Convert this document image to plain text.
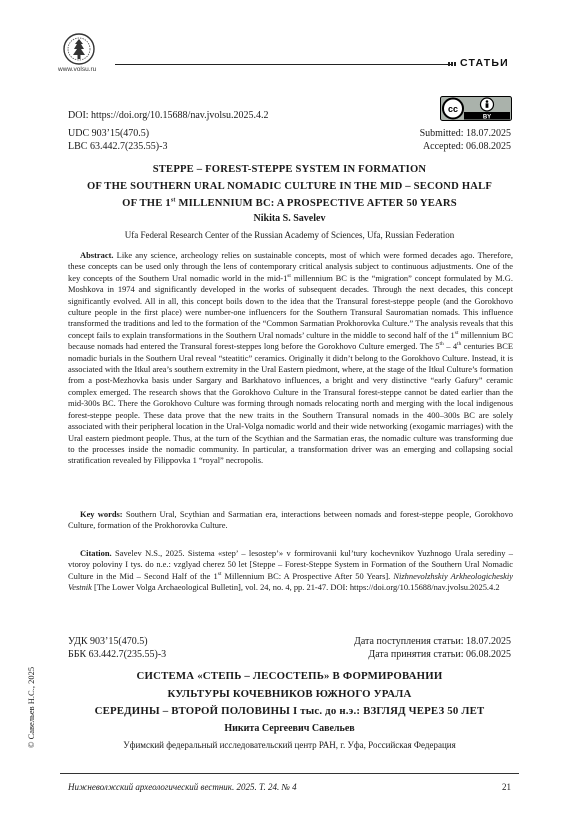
www.volsu.ru
СТАТЬИ
DOI: https://doi.org/10.15688/nav.jvolsu.2025.4.2
cc
BY
UDC 903’15(470.5)
LBC 63.442.7(235.55)-3
Submitted: 18.07.2025
Accepted: 06.08.2025
STEPPE – FOREST-STEPPE SYSTEM IN FORMATION
OF THE SOUTHERN URAL NOMADIC CULTURE IN THE MID – SECOND HALF
OF THE 1st MILLENNIUM BC: A PROSPECTIVE AFTER 50 YEARS
Nikita S. Savelev
Ufa Federal Research Center of the Russian Academy of Sciences, Ufa, Russian Federation

Abstract. Like any science, archeology relies on sustainable concepts, most of which were formed decades ago. Therefore, these concepts can be used only through the lens of contemporary critical analysis subject to continuous adjustments. One of the key concepts of the Southern Ural nomadic world in the mid-1st millennium BC is the “migration” concept formulated by M.G. Moshkova in 1974 and significantly developed in the works of subsequent decades. Through the next decades, this concept significantly evolved. All in all, this concept boils down to the idea that the Transural forest-steppe people (and the Gorokhovo culture people in the first place) were number-one influencers for the Southern Transural Sauromatian nomads. This influence transformed the traditions and led to the formation of the “Common Sarmatian Prokhorovka Culture.” The analysis reveals that this concept fails to explain transformations in the Southern Ural nomads’ culture in the middle to second half of the 1st millennium BC because nomads had entered the Transural forest-steppes long before the Gorokhovo Culture emerged. The 5th – 4th centuries BCE nomadic burials in the Southern Ural reveal “steatitic” ceramics. Originally it didn’t belong to the Gorokhovo Culture. Instead, it is associated with the Itkul area’s southern extremity in the Ural Eastern piedmont, where, at the stage of the Itkul Culture’s formation from a post-Mezhovka basis under Sargary and Barkhatovo influences, a bright and very distinctive “early Gafury” ceramic complex emerged. The research shows that the Gorokhovo Culture in the Transural forest-steppe cannot be dated earlier than the mid-300s BC. There the Gorokhovo Culture was forming through nomads relocating north and merging with the local indigenous forest-steppe people. These data prove that the new traits in the Southern Transural nomads in the 400–300s BC are solely associated with their peripheral location in the Ural-Volga nomadic world and their wide networking (exogamic marriages) with the Ural eastern piedmont people. Thus, at the turn of the Scythian and the Sarmatian eras, the nomadic culture was transforming due to the processes inside the nomadic community. In particular, a transformation driver was an emerging and collapsing social stratification revealed by Filippovka 1 “royal” necropolis.

Key words: Southern Ural, Scythian and Sarmatian era, interactions between nomads and forest-steppe people, Gorokhovo Culture, formation of the Prokhorovka Culture.

Citation. Savelev N.S., 2025. Sistema «step’ – lesostep’» v formirovanii kul’tury kochevnikov Yuzhnogo Urala serediny – vtoroy poloviny I tys. do n.e.: vzglyad cherez 50 let [Steppe – Forest-Steppe System in Formation of the Southern Ural Nomadic Culture in the Mid – Second Half of the 1st Millennium BC: A Prospective After 50 Years]. Nizhnevolzhskiy Arkheologicheskiy Vestnik [The Lower Volga Archaeological Bulletin], vol. 24, no. 4, pp. 21-47. DOI: https://doi.org/10.15688/nav.jvolsu.2025.4.2

УДК 903’15(470.5)
ББК 63.442.7(235.55)-3
Дата поступления статьи: 18.07.2025
Дата принятия статьи: 06.08.2025
© Савельев Н.С., 2025	СИСТЕМА «СТЕПЬ – ЛЕСОСТЕПЬ» В ФОРМИРОВАНИИ
КУЛЬТУРЫ КОЧЕВНИКОВ ЮЖНОГО УРАЛА
СЕРЕДИНЫ – ВТОРОЙ ПОЛОВИНЫ I тыс. до н.э.: ВЗГЛЯД ЧЕРЕЗ 50 ЛЕТ
Никита Сергеевич Савельев
Уфимский федеральный исследовательский центр РАН, г. Уфа, Российская Федерация
Нижневолжский археологический вестник. 2025. Т. 24. № 4	21
